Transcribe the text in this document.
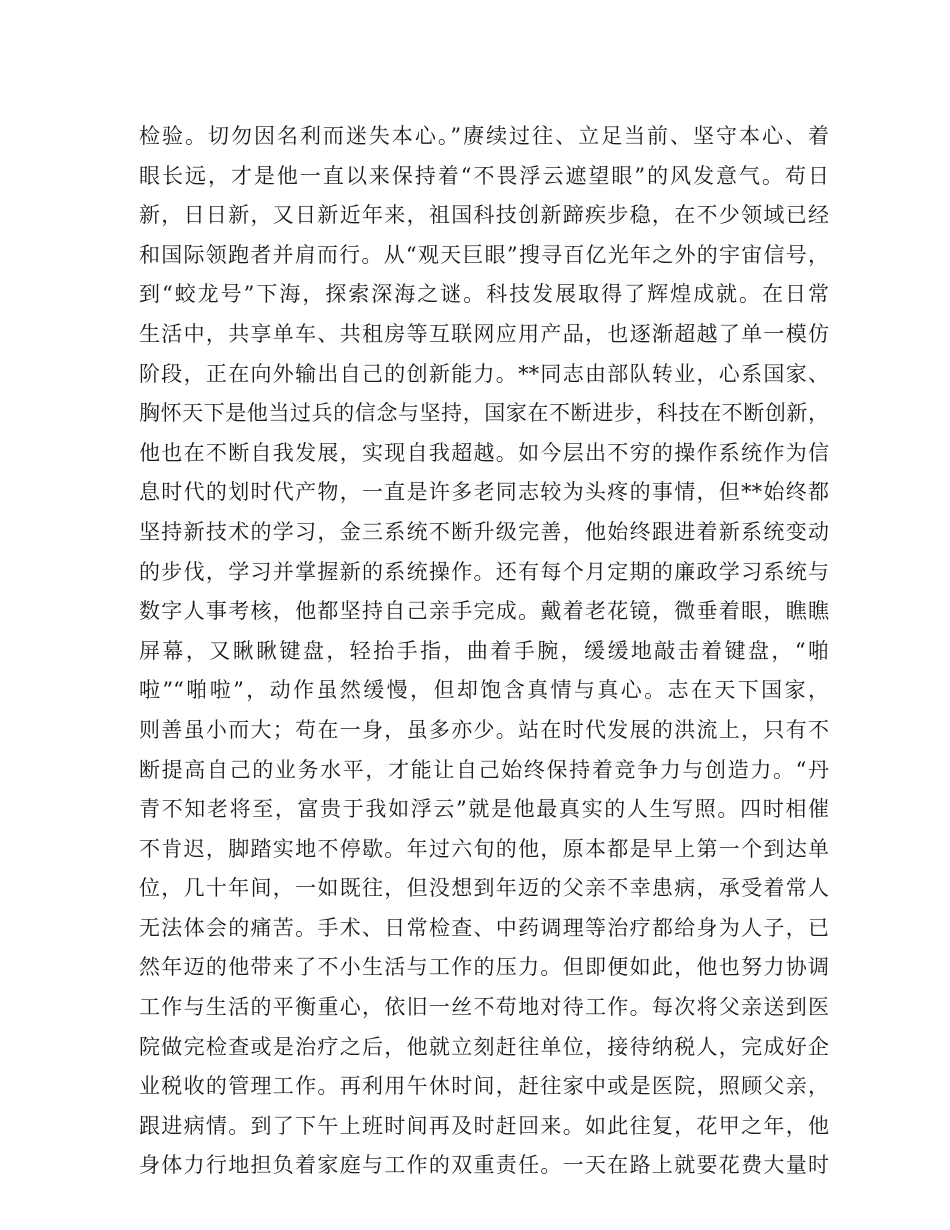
检验。切勿因名利而迷失本心。”赓续过往、立足当前、坚守本心、着
眼长远，才是他一直以来保持着“不畏浮云遮望眼”的风发意气。苟日
新，日日新，又日新近年来，祖国科技创新蹄疾步稳，在不少领域已经
和国际领跑者并肩而行。从“观天巨眼”搜寻百亿光年之外的宇宙信号，
到“蛟龙号”下海，探索深海之谜。科技发展取得了辉煌成就。在日常
生活中，共享单车、共租房等互联网应用产品，也逐渐超越了单一模仿
阶段，正在向外输出自己的创新能力。**同志由部队转业，心系国家、
胸怀天下是他当过兵的信念与坚持，国家在不断进步，科技在不断创新，
他也在不断自我发展，实现自我超越。如今层出不穷的操作系统作为信
息时代的划时代产物，一直是许多老同志较为头疼的事情，但**始终都
坚持新技术的学习，金三系统不断升级完善，他始终跟进着新系统变动
的步伐，学习并掌握新的系统操作。还有每个月定期的廉政学习系统与
数字人事考核，他都坚持自己亲手完成。戴着老花镜，微垂着眼，瞧瞧
屏幕，又瞅瞅键盘，轻抬手指，曲着手腕，缓缓地敲击着键盘，“啪
啦”“啪啦”，动作虽然缓慢，但却饱含真情与真心。志在天下国家，
则善虽小而大；苟在一身，虽多亦少。站在时代发展的洪流上，只有不
断提高自己的业务水平，才能让自己始终保持着竞争力与创造力。“丹
青不知老将至，富贵于我如浮云”就是他最真实的人生写照。四时相催
不肯迟，脚踏实地不停歇。年过六旬的他，原本都是早上第一个到达单
位，几十年间，一如既往，但没想到年迈的父亲不幸患病，承受着常人
无法体会的痛苦。手术、日常检查、中药调理等治疗都给身为人子，已
然年迈的他带来了不小生活与工作的压力。但即便如此，他也努力协调
工作与生活的平衡重心，依旧一丝不苟地对待工作。每次将父亲送到医
院做完检查或是治疗之后，他就立刻赶往单位，接待纳税人，完成好企
业税收的管理工作。再利用午休时间，赶往家中或是医院，照顾父亲，
跟进病情。到了下午上班时间再及时赶回来。如此往复，花甲之年，他
身体力行地担负着家庭与工作的双重责任。一天在路上就要花费大量时
